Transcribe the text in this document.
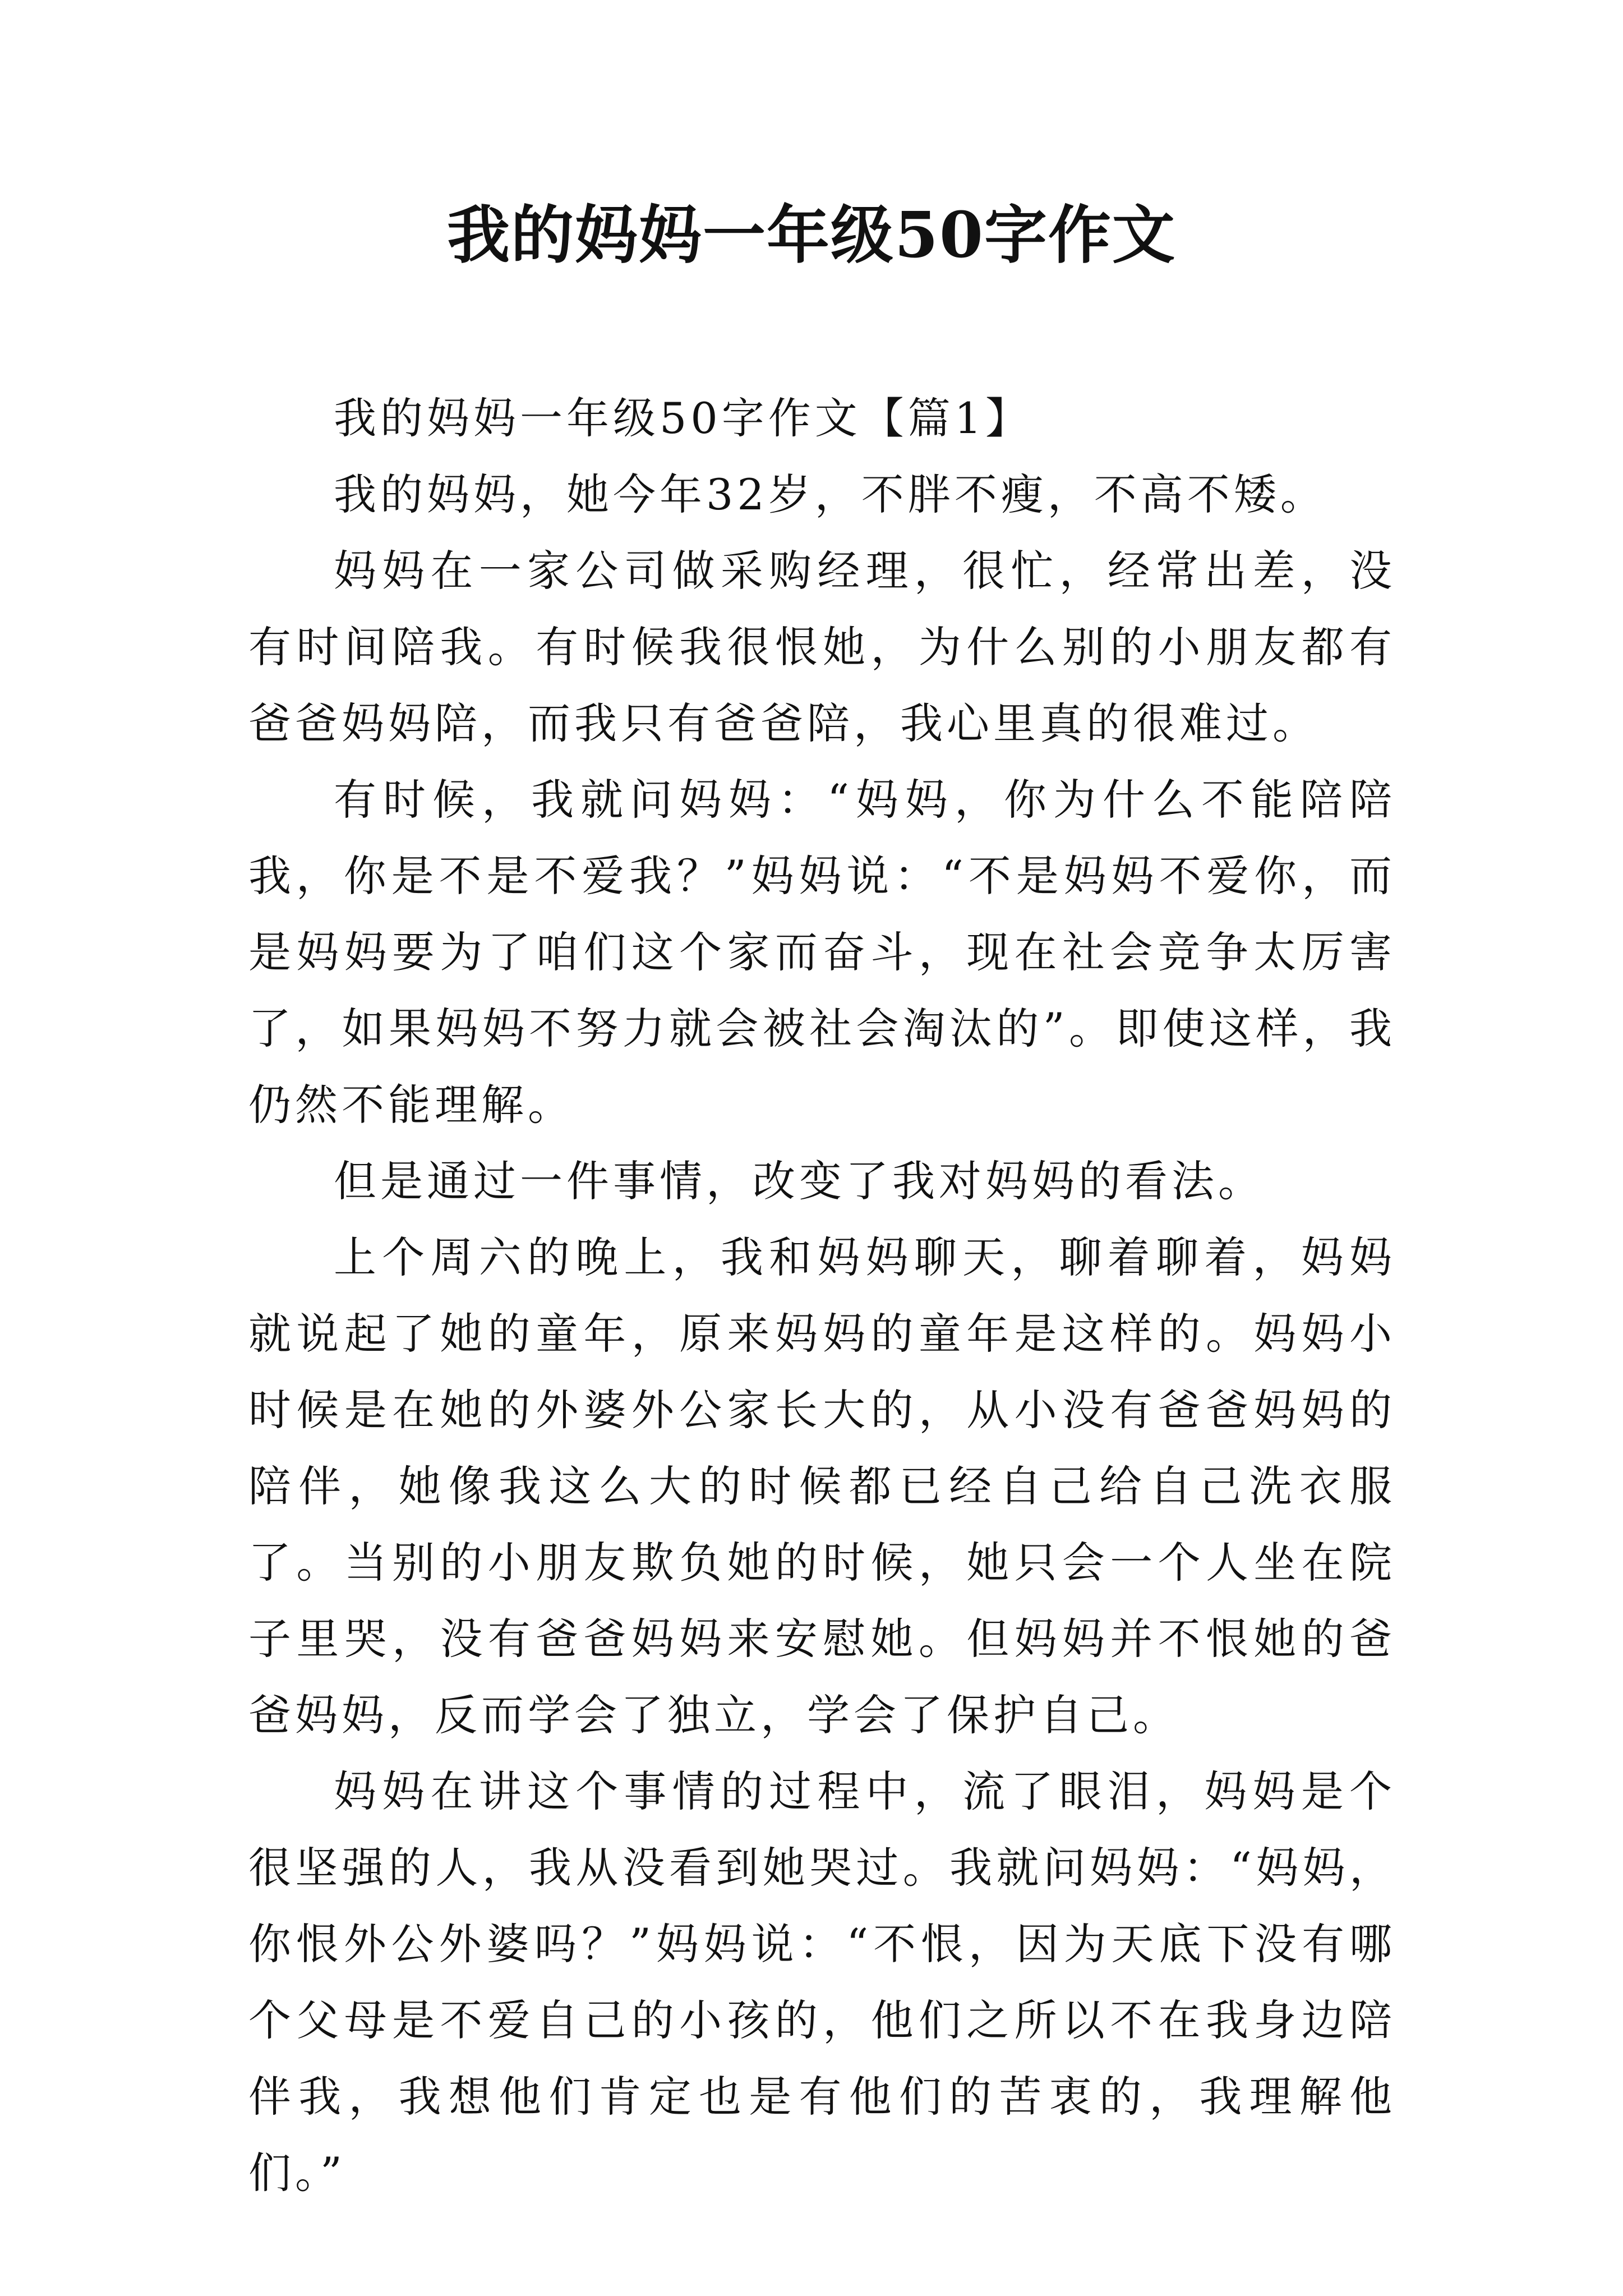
我的妈妈一年级50字作文

我的妈妈一年级50字作文【篇1】

我的妈妈，她今年32岁，不胖不瘦，不高不矮。

妈妈在一家公司做采购经理，很忙，经常出差，没有时间陪我。有时候我很恨她，为什么别的小朋友都有爸爸妈妈陪，而我只有爸爸陪，我心里真的很难过。

有时候，我就问妈妈：“妈妈，你为什么不能陪陪我，你是不是不爱我？”妈妈说：“不是妈妈不爱你，而是妈妈要为了咱们这个家而奋斗，现在社会竞争太厉害了，如果妈妈不努力就会被社会淘汰的”。即使这样，我仍然不能理解。

但是通过一件事情，改变了我对妈妈的看法。

上个周六的晚上，我和妈妈聊天，聊着聊着，妈妈就说起了她的童年，原来妈妈的童年是这样的。妈妈小时候是在她的外婆外公家长大的，从小没有爸爸妈妈的陪伴，她像我这么大的时候都已经自己给自己洗衣服了。当别的小朋友欺负她的时候，她只会一个人坐在院子里哭，没有爸爸妈妈来安慰她。但妈妈并不恨她的爸爸妈妈，反而学会了独立，学会了保护自己。

妈妈在讲这个事情的过程中，流了眼泪，妈妈是个很坚强的人，我从没看到她哭过。我就问妈妈：“妈妈，你恨外公外婆吗？”妈妈说：“不恨，因为天底下没有哪个父母是不爱自己的小孩的，他们之所以不在我身边陪伴我，我想他们肯定也是有他们的苦衷的，我理解他们。”
